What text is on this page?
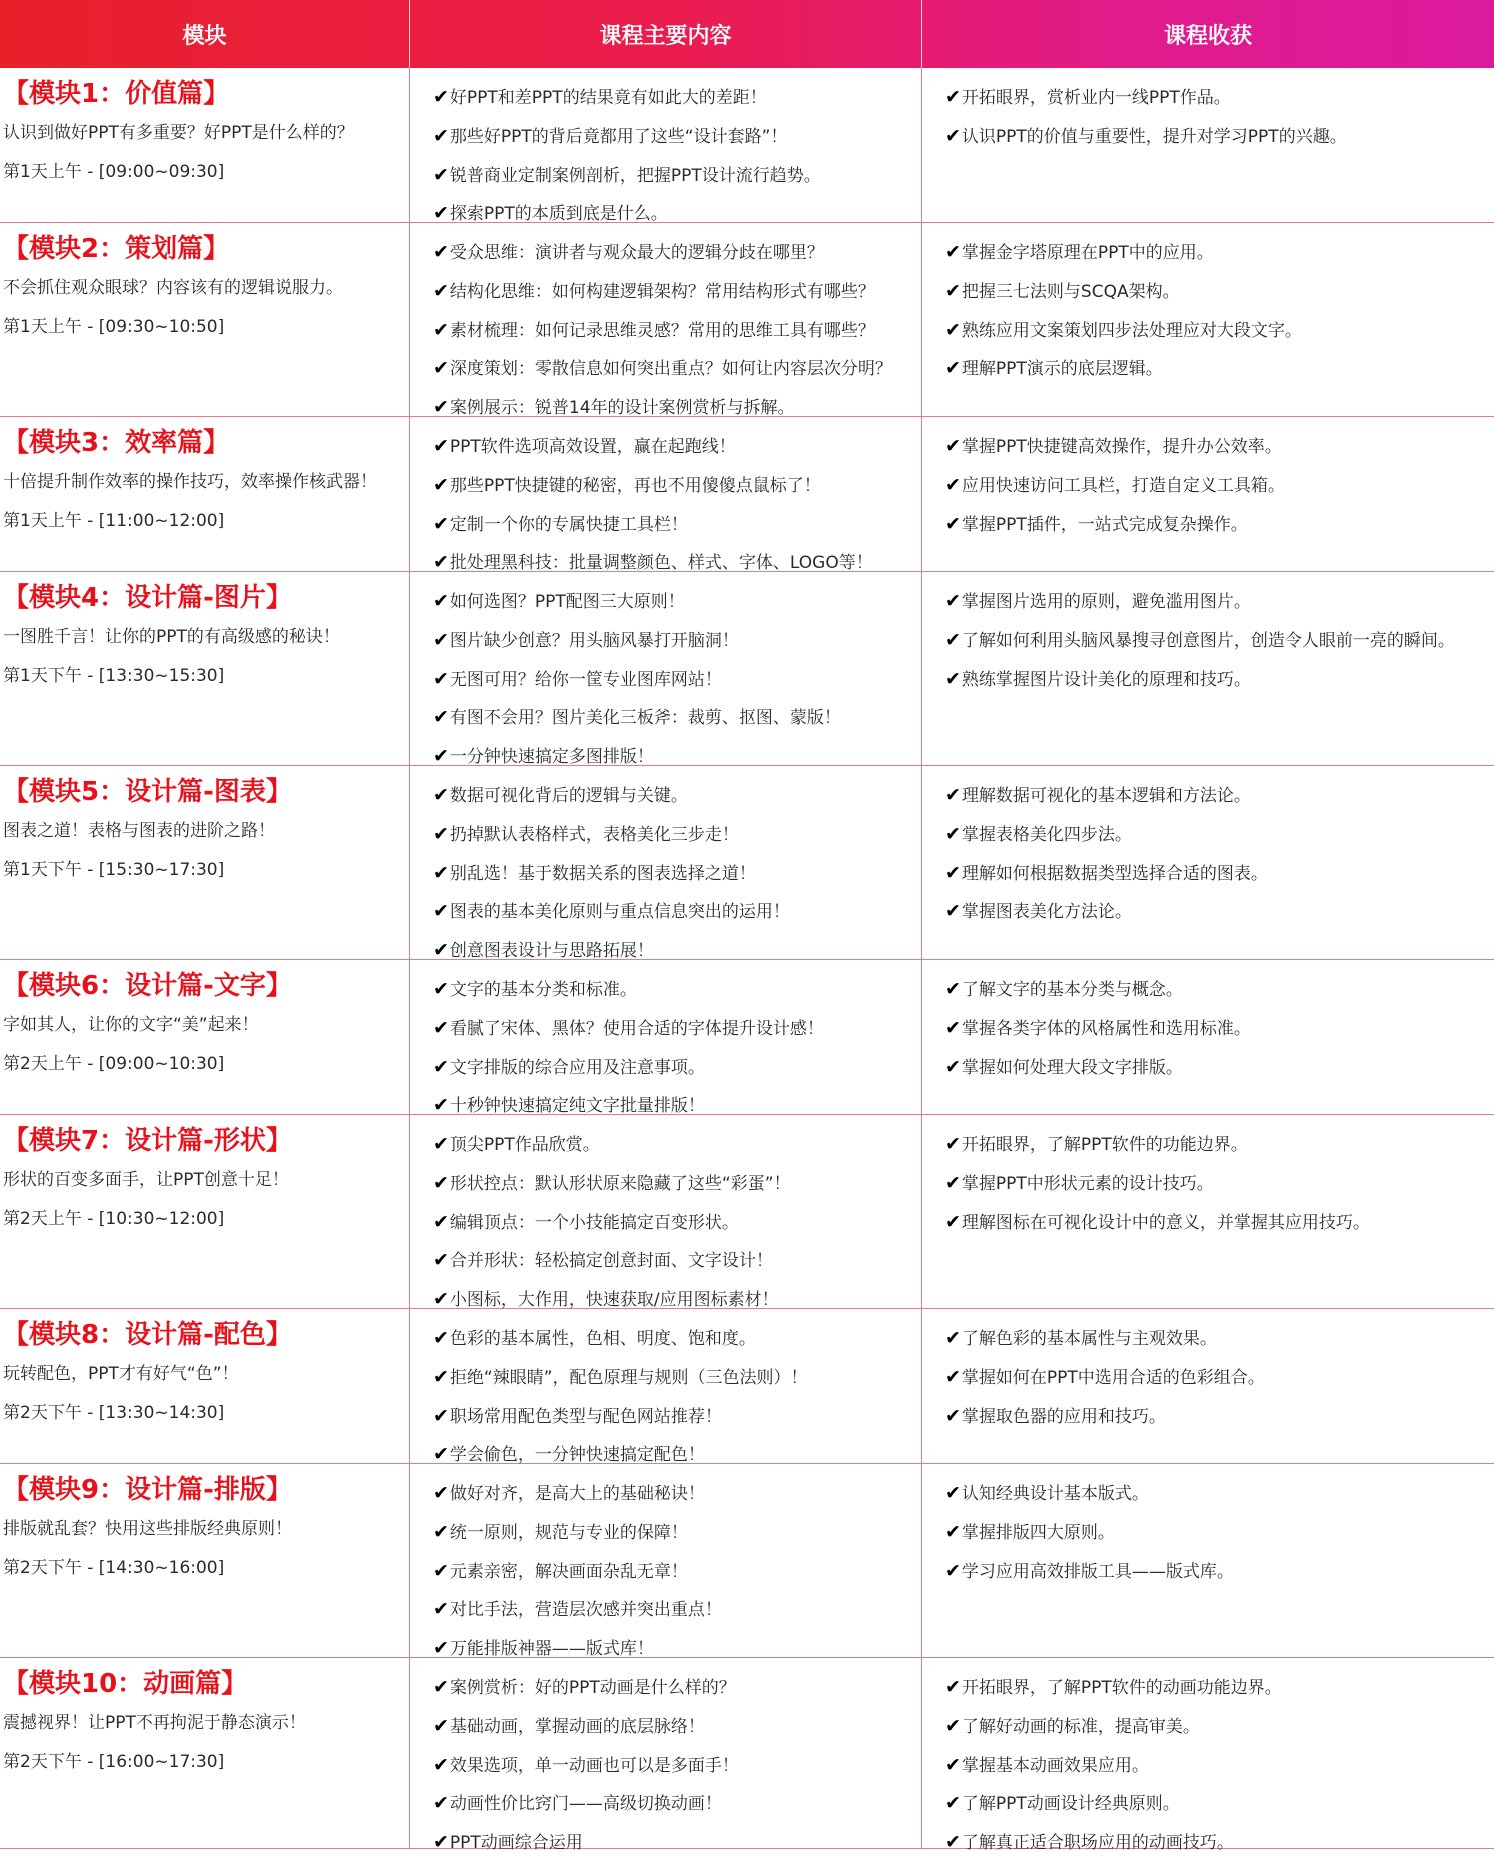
模块	课程主要内容	课程收获
【模块1：价值篇】
认识到做好PPT有多重要？好PPT是什么样的？
第1天上午 - [09:00~09:30]
✔好PPT和差PPT的结果竟有如此大的差距！
✔那些好PPT的背后竟都用了这些“设计套路”！
✔锐普商业定制案例剖析，把握PPT设计流行趋势。
✔探索PPT的本质到底是什么。
✔开拓眼界，赏析业内一线PPT作品。
✔认识PPT的价值与重要性，提升对学习PPT的兴趣。
【模块2：策划篇】
不会抓住观众眼球？内容该有的逻辑说服力。
第1天上午 - [09:30~10:50]
✔受众思维：演讲者与观众最大的逻辑分歧在哪里？
✔结构化思维：如何构建逻辑架构？常用结构形式有哪些？
✔素材梳理：如何记录思维灵感？常用的思维工具有哪些？
✔深度策划：零散信息如何突出重点？如何让内容层次分明？
✔案例展示：锐普14年的设计案例赏析与拆解。
✔掌握金字塔原理在PPT中的应用。
✔把握三七法则与SCQA架构。
✔熟练应用文案策划四步法处理应对大段文字。
✔理解PPT演示的底层逻辑。
【模块3：效率篇】
十倍提升制作效率的操作技巧，效率操作核武器！
第1天上午 - [11:00~12:00]
✔PPT软件选项高效设置，赢在起跑线！
✔那些PPT快捷键的秘密，再也不用傻傻点鼠标了！
✔定制一个你的专属快捷工具栏！
✔批处理黑科技：批量调整颜色、样式、字体、LOGO等！
✔掌握PPT快捷键高效操作，提升办公效率。
✔应用快速访问工具栏，打造自定义工具箱。
✔掌握PPT插件，一站式完成复杂操作。
【模块4：设计篇-图片】
一图胜千言！让你的PPT的有高级感的秘诀！
第1天下午 - [13:30~15:30]
✔如何选图？PPT配图三大原则！
✔图片缺少创意？用头脑风暴打开脑洞！
✔无图可用？给你一筐专业图库网站！
✔有图不会用？图片美化三板斧：裁剪、抠图、蒙版！
✔一分钟快速搞定多图排版！
✔掌握图片选用的原则，避免滥用图片。
✔了解如何利用头脑风暴搜寻创意图片，创造令人眼前一亮的瞬间。
✔熟练掌握图片设计美化的原理和技巧。
【模块5：设计篇-图表】
图表之道！表格与图表的进阶之路！
第1天下午 - [15:30~17:30]
✔数据可视化背后的逻辑与关键。
✔扔掉默认表格样式，表格美化三步走！
✔别乱选！基于数据关系的图表选择之道！
✔图表的基本美化原则与重点信息突出的运用！
✔创意图表设计与思路拓展！
✔理解数据可视化的基本逻辑和方法论。
✔掌握表格美化四步法。
✔理解如何根据数据类型选择合适的图表。
✔掌握图表美化方法论。
【模块6：设计篇-文字】
字如其人，让你的文字“美”起来！
第2天上午 - [09:00~10:30]
✔文字的基本分类和标准。
✔看腻了宋体、黑体？使用合适的字体提升设计感！
✔文字排版的综合应用及注意事项。
✔十秒钟快速搞定纯文字批量排版！
✔了解文字的基本分类与概念。
✔掌握各类字体的风格属性和选用标准。
✔掌握如何处理大段文字排版。
【模块7：设计篇-形状】
形状的百变多面手，让PPT创意十足！
第2天上午 - [10:30~12:00]
✔顶尖PPT作品欣赏。
✔形状控点：默认形状原来隐藏了这些“彩蛋”！
✔编辑顶点：一个小技能搞定百变形状。
✔合并形状：轻松搞定创意封面、文字设计！
✔小图标，大作用，快速获取/应用图标素材！
✔开拓眼界，了解PPT软件的功能边界。
✔掌握PPT中形状元素的设计技巧。
✔理解图标在可视化设计中的意义，并掌握其应用技巧。
【模块8：设计篇-配色】
玩转配色，PPT才有好气“色”！
第2天下午 - [13:30~14:30]
✔色彩的基本属性，色相、明度、饱和度。
✔拒绝“辣眼睛”，配色原理与规则（三色法则）！
✔职场常用配色类型与配色网站推荐！
✔学会偷色，一分钟快速搞定配色！
✔了解色彩的基本属性与主观效果。
✔掌握如何在PPT中选用合适的色彩组合。
✔掌握取色器的应用和技巧。
【模块9：设计篇-排版】
排版就乱套？快用这些排版经典原则！
第2天下午 - [14:30~16:00]
✔做好对齐，是高大上的基础秘诀！
✔统一原则，规范与专业的保障！
✔元素亲密，解决画面杂乱无章！
✔对比手法，营造层次感并突出重点！
✔万能排版神器——版式库！
✔认知经典设计基本版式。
✔掌握排版四大原则。
✔学习应用高效排版工具——版式库。
【模块10：动画篇】
震撼视界！让PPT不再拘泥于静态演示！
第2天下午 - [16:00~17:30]
✔案例赏析：好的PPT动画是什么样的？
✔基础动画，掌握动画的底层脉络！
✔效果选项，单一动画也可以是多面手！
✔动画性价比窍门——高级切换动画！
✔PPT动画综合运用
✔开拓眼界，了解PPT软件的动画功能边界。
✔了解好动画的标准，提高审美。
✔掌握基本动画效果应用。
✔了解PPT动画设计经典原则。
✔了解真正适合职场应用的动画技巧。
